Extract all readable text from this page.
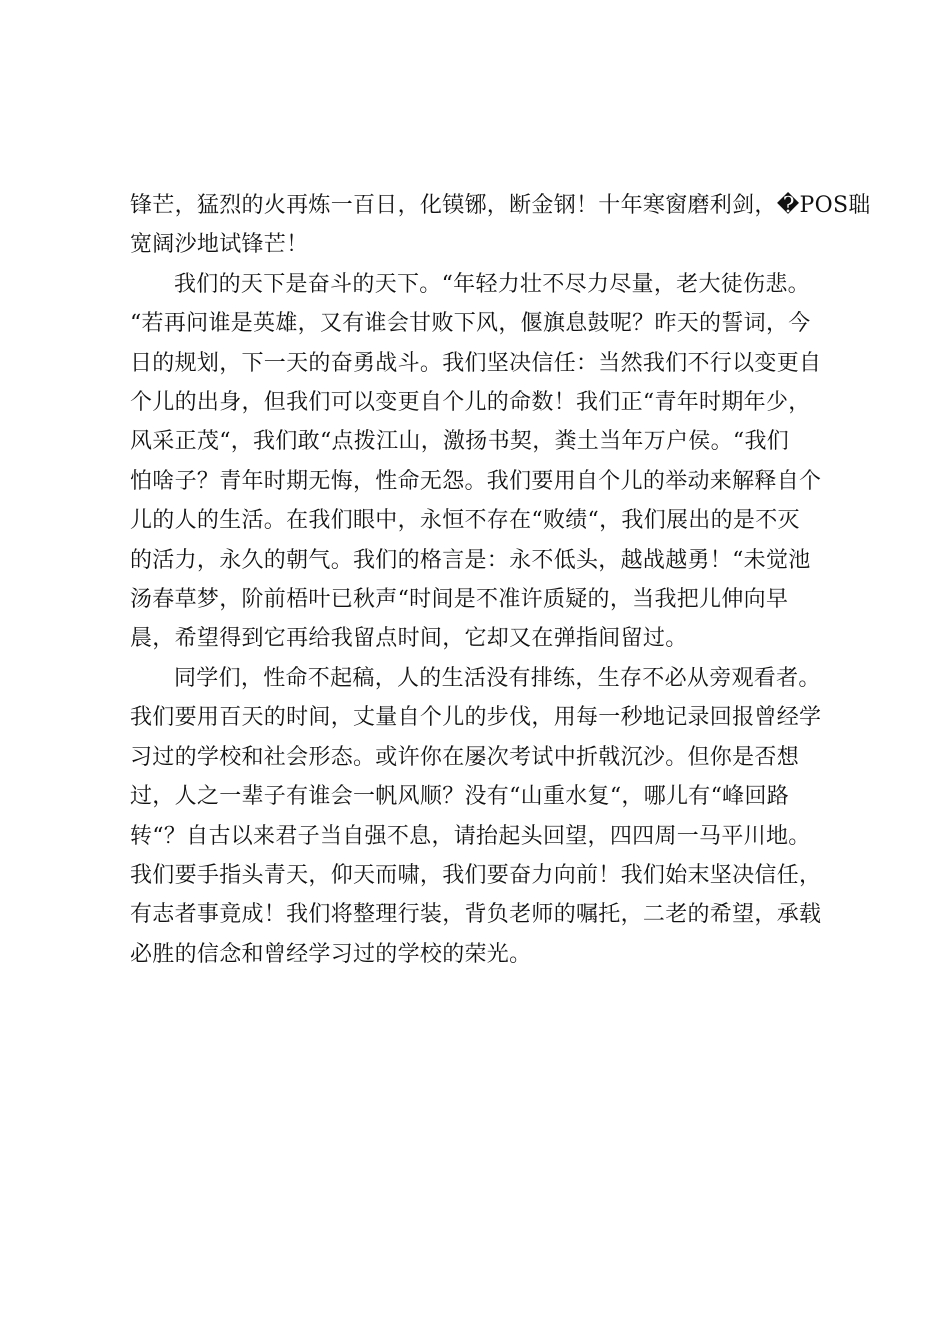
锋芒，猛烈的火再炼一百日，化镆铘，断金钢！十年寒窗磨利剑，�POS聉
宽阔沙地试锋芒！
我们的天下是奋斗的天下。“年轻力壮不尽力尽量，老大徒伤悲。
“若再问谁是英雄，又有谁会甘败下风，偃旗息鼓呢？昨天的誓词，今
日的规划，下一天的奋勇战斗。我们坚决信任：当然我们不行以变更自
个儿的出身，但我们可以变更自个儿的命数！我们正“青年时期年少，
风采正茂“，我们敢“点拨江山，激扬书契，粪土当年万户侯。“我们
怕啥子？青年时期无悔，性命无怨。我们要用自个儿的举动来解释自个
儿的人的生活。在我们眼中，永恒不存在“败绩“，我们展出的是不灭
的活力，永久的朝气。我们的格言是：永不低头，越战越勇！“未觉池
汤春草梦，阶前梧叶已秋声“时间是不准许质疑的，当我把儿伸向早
晨，希望得到它再给我留点时间，它却又在弹指间留过。
同学们，性命不起稿，人的生活没有排练，生存不必从旁观看者。
我们要用百天的时间，丈量自个儿的步伐，用每一秒地记录回报曾经学
习过的学校和社会形态。或许你在屡次考试中折戟沉沙。但你是否想
过，人之一辈子有谁会一帆风顺？没有“山重水复“，哪儿有“峰回路
转“？自古以来君子当自强不息，请抬起头回望，四四周一马平川地。
我们要手指头青天，仰天而啸，我们要奋力向前！我们始末坚决信任，
有志者事竟成！我们将整理行装，背负老师的嘱托，二老的希望，承载
必胜的信念和曾经学习过的学校的荣光。
